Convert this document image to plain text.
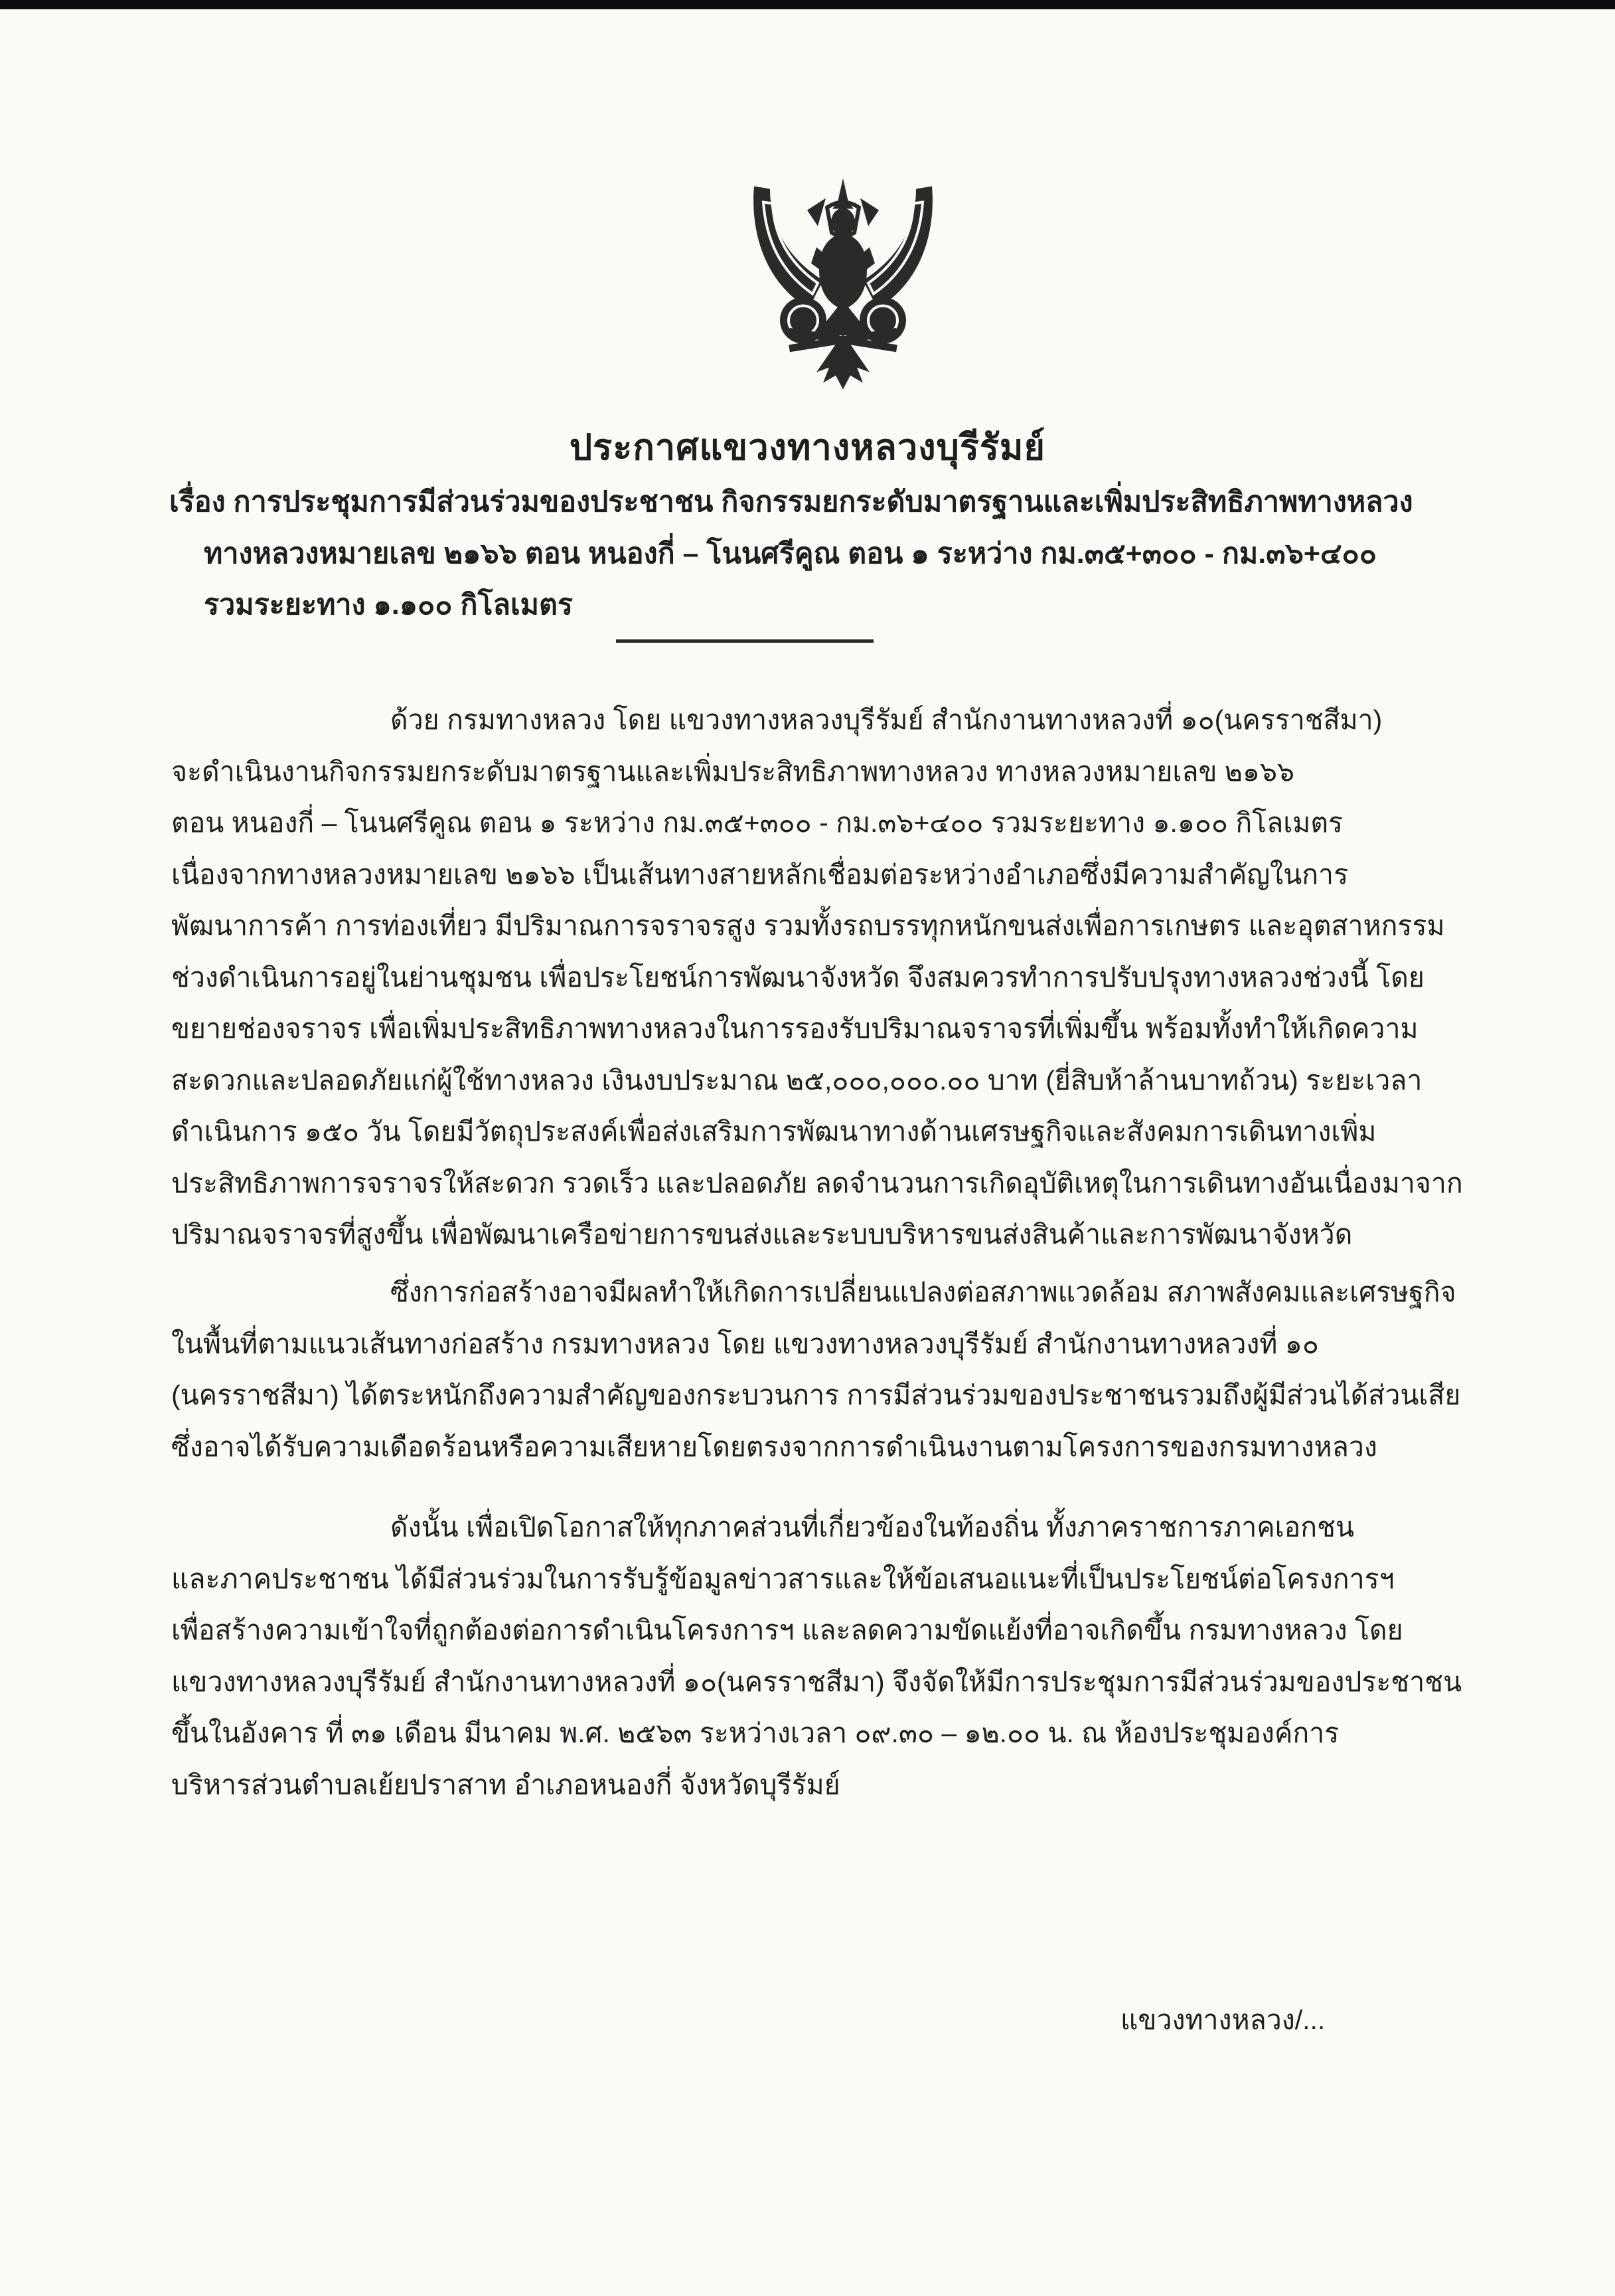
ประกาศแขวงทางหลวงบุรีรัมย์
เรื่อง การประชุมการมีส่วนร่วมของประชาชน กิจกรรมยกระดับมาตรฐานและเพิ่มประสิทธิภาพทางหลวง
ทางหลวงหมายเลข ๒๑๖๖ ตอน หนองกี่ – โนนศรีคูณ ตอน ๑ ระหว่าง กม.๓๕+๓๐๐ - กม.๓๖+๔๐๐
รวมระยะทาง ๑.๑๐๐ กิโลเมตร
ด้วย กรมทางหลวง โดย แขวงทางหลวงบุรีรัมย์ สำนักงานทางหลวงที่ ๑๐(นครราชสีมา)
จะดำเนินงานกิจกรรมยกระดับมาตรฐานและเพิ่มประสิทธิภาพทางหลวง ทางหลวงหมายเลข ๒๑๖๖
ตอน หนองกี่ – โนนศรีคูณ ตอน ๑ ระหว่าง กม.๓๕+๓๐๐ - กม.๓๖+๔๐๐ รวมระยะทาง ๑.๑๐๐ กิโลเมตร
เนื่องจากทางหลวงหมายเลข ๒๑๖๖ เป็นเส้นทางสายหลักเชื่อมต่อระหว่างอำเภอซึ่งมีความสำคัญในการ
พัฒนาการค้า การท่องเที่ยว มีปริมาณการจราจรสูง รวมทั้งรถบรรทุกหนักขนส่งเพื่อการเกษตร และอุตสาหกรรม
ช่วงดำเนินการอยู่ในย่านชุมชน เพื่อประโยชน์การพัฒนาจังหวัด จึงสมควรทำการปรับปรุงทางหลวงช่วงนี้ โดย
ขยายช่องจราจร เพื่อเพิ่มประสิทธิภาพทางหลวงในการรองรับปริมาณจราจรที่เพิ่มขึ้น พร้อมทั้งทำให้เกิดความ
สะดวกและปลอดภัยแก่ผู้ใช้ทางหลวง เงินงบประมาณ ๒๕,๐๐๐,๐๐๐.๐๐ บาท (ยี่สิบห้าล้านบาทถ้วน) ระยะเวลา
ดำเนินการ ๑๕๐ วัน โดยมีวัตถุประสงค์เพื่อส่งเสริมการพัฒนาทางด้านเศรษฐกิจและสังคมการเดินทางเพิ่ม
ประสิทธิภาพการจราจรให้สะดวก รวดเร็ว และปลอดภัย ลดจำนวนการเกิดอุบัติเหตุในการเดินทางอันเนื่องมาจาก
ปริมาณจราจรที่สูงขึ้น เพื่อพัฒนาเครือข่ายการขนส่งและระบบบริหารขนส่งสินค้าและการพัฒนาจังหวัด
ซึ่งการก่อสร้างอาจมีผลทำให้เกิดการเปลี่ยนแปลงต่อสภาพแวดล้อม สภาพสังคมและเศรษฐกิจ
ในพื้นที่ตามแนวเส้นทางก่อสร้าง กรมทางหลวง โดย แขวงทางหลวงบุรีรัมย์ สำนักงานทางหลวงที่ ๑๐
(นครราชสีมา) ได้ตระหนักถึงความสำคัญของกระบวนการ การมีส่วนร่วมของประชาชนรวมถึงผู้มีส่วนได้ส่วนเสีย
ซึ่งอาจได้รับความเดือดร้อนหรือความเสียหายโดยตรงจากการดำเนินงานตามโครงการของกรมทางหลวง
ดังนั้น เพื่อเปิดโอกาสให้ทุกภาคส่วนที่เกี่ยวข้องในท้องถิ่น ทั้งภาคราชการภาคเอกชน
และภาคประชาชน ได้มีส่วนร่วมในการรับรู้ข้อมูลข่าวสารและให้ข้อเสนอแนะที่เป็นประโยชน์ต่อโครงการฯ
เพื่อสร้างความเข้าใจที่ถูกต้องต่อการดำเนินโครงการฯ และลดความขัดแย้งที่อาจเกิดขึ้น กรมทางหลวง โดย
แขวงทางหลวงบุรีรัมย์ สำนักงานทางหลวงที่ ๑๐(นครราชสีมา) จึงจัดให้มีการประชุมการมีส่วนร่วมของประชาชน
ขึ้นในอังคาร ที่ ๓๑ เดือน มีนาคม พ.ศ. ๒๕๖๓ ระหว่างเวลา ๐๙.๓๐ – ๑๒.๐๐ น. ณ ห้องประชุมองค์การ
บริหารส่วนตำบลเย้ยปราสาท อำเภอหนองกี่ จังหวัดบุรีรัมย์
แขวงทางหลวง/...
